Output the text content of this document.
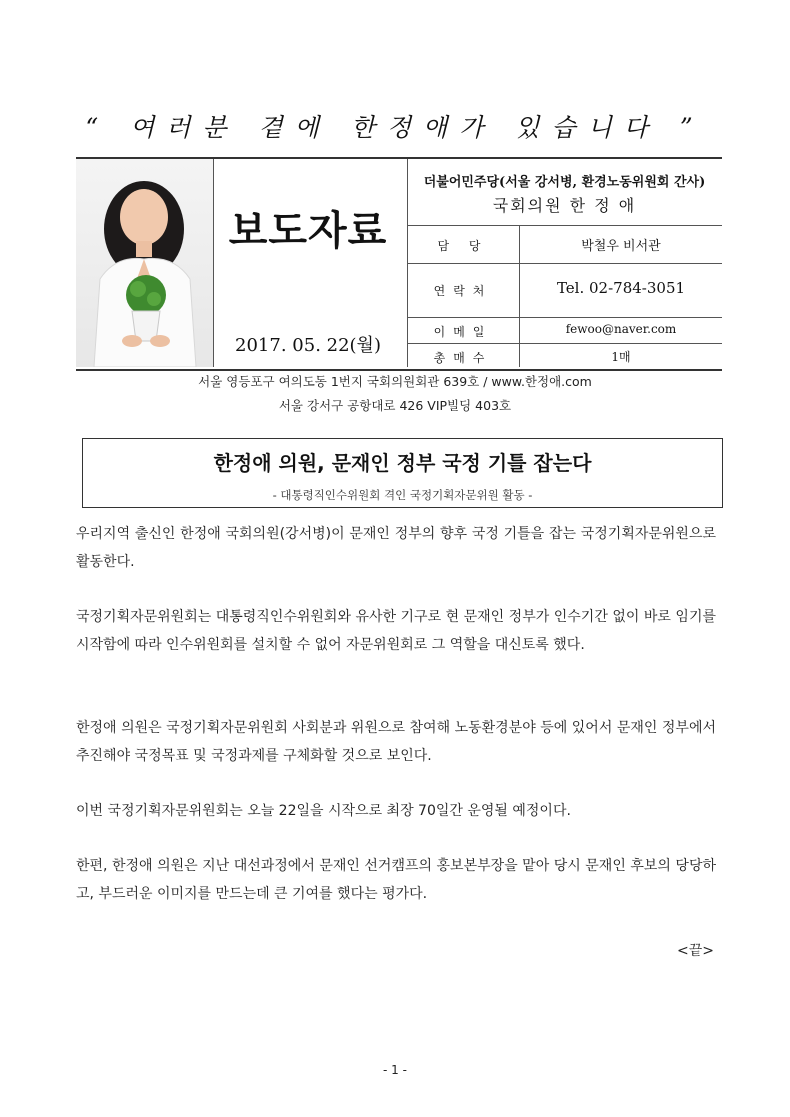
“ 여러분 곁에 한정애가 있습니다 ”
보도자료
2017. 05. 22(월)
더불어민주당(서울 강서병, 환경노동위원회 간사)
국회의원 한 정 애
담 당	박철우 비서관
연락처	Tel. 02-784-3051
이메일	fewoo@naver.com
총매수	1매
서울 영등포구 여의도동 1번지 국회의원회관 639호 / www.한정애.com
서울 강서구 공항대로 426 VIP빌딩 403호
한정애 의원, 문재인 정부 국정 기틀 잡는다
- 대통령직인수위원회 격인 국정기획자문위원 활동 -

우리지역 출신인 한정애 국회의원(강서병)이 문재인 정부의 향후 국정 기틀을 잡는 국정기획자문위원으로 활동한다.

국정기획자문위원회는 대통령직인수위원회와 유사한 기구로 현 문재인 정부가 인수기간 없이 바로 임기를 시작함에 따라 인수위원회를 설치할 수 없어 자문위원회로 그 역할을 대신토록 했다.

한정애 의원은 국정기획자문위원회 사회분과 위원으로 참여해 노동환경분야 등에 있어서 문재인 정부에서 추진해야 국정목표 및 국정과제를 구체화할 것으로 보인다.

이번 국정기획자문위원회는 오늘 22일을 시작으로 최장 70일간 운영될 예정이다.

한편, 한정애 의원은 지난 대선과정에서 문재인 선거캠프의 홍보본부장을 맡아 당시 문재인 후보의 당당하고, 부드러운 이미지를 만드는데 큰 기여를 했다는 평가다.

<끝>
- 1 -
